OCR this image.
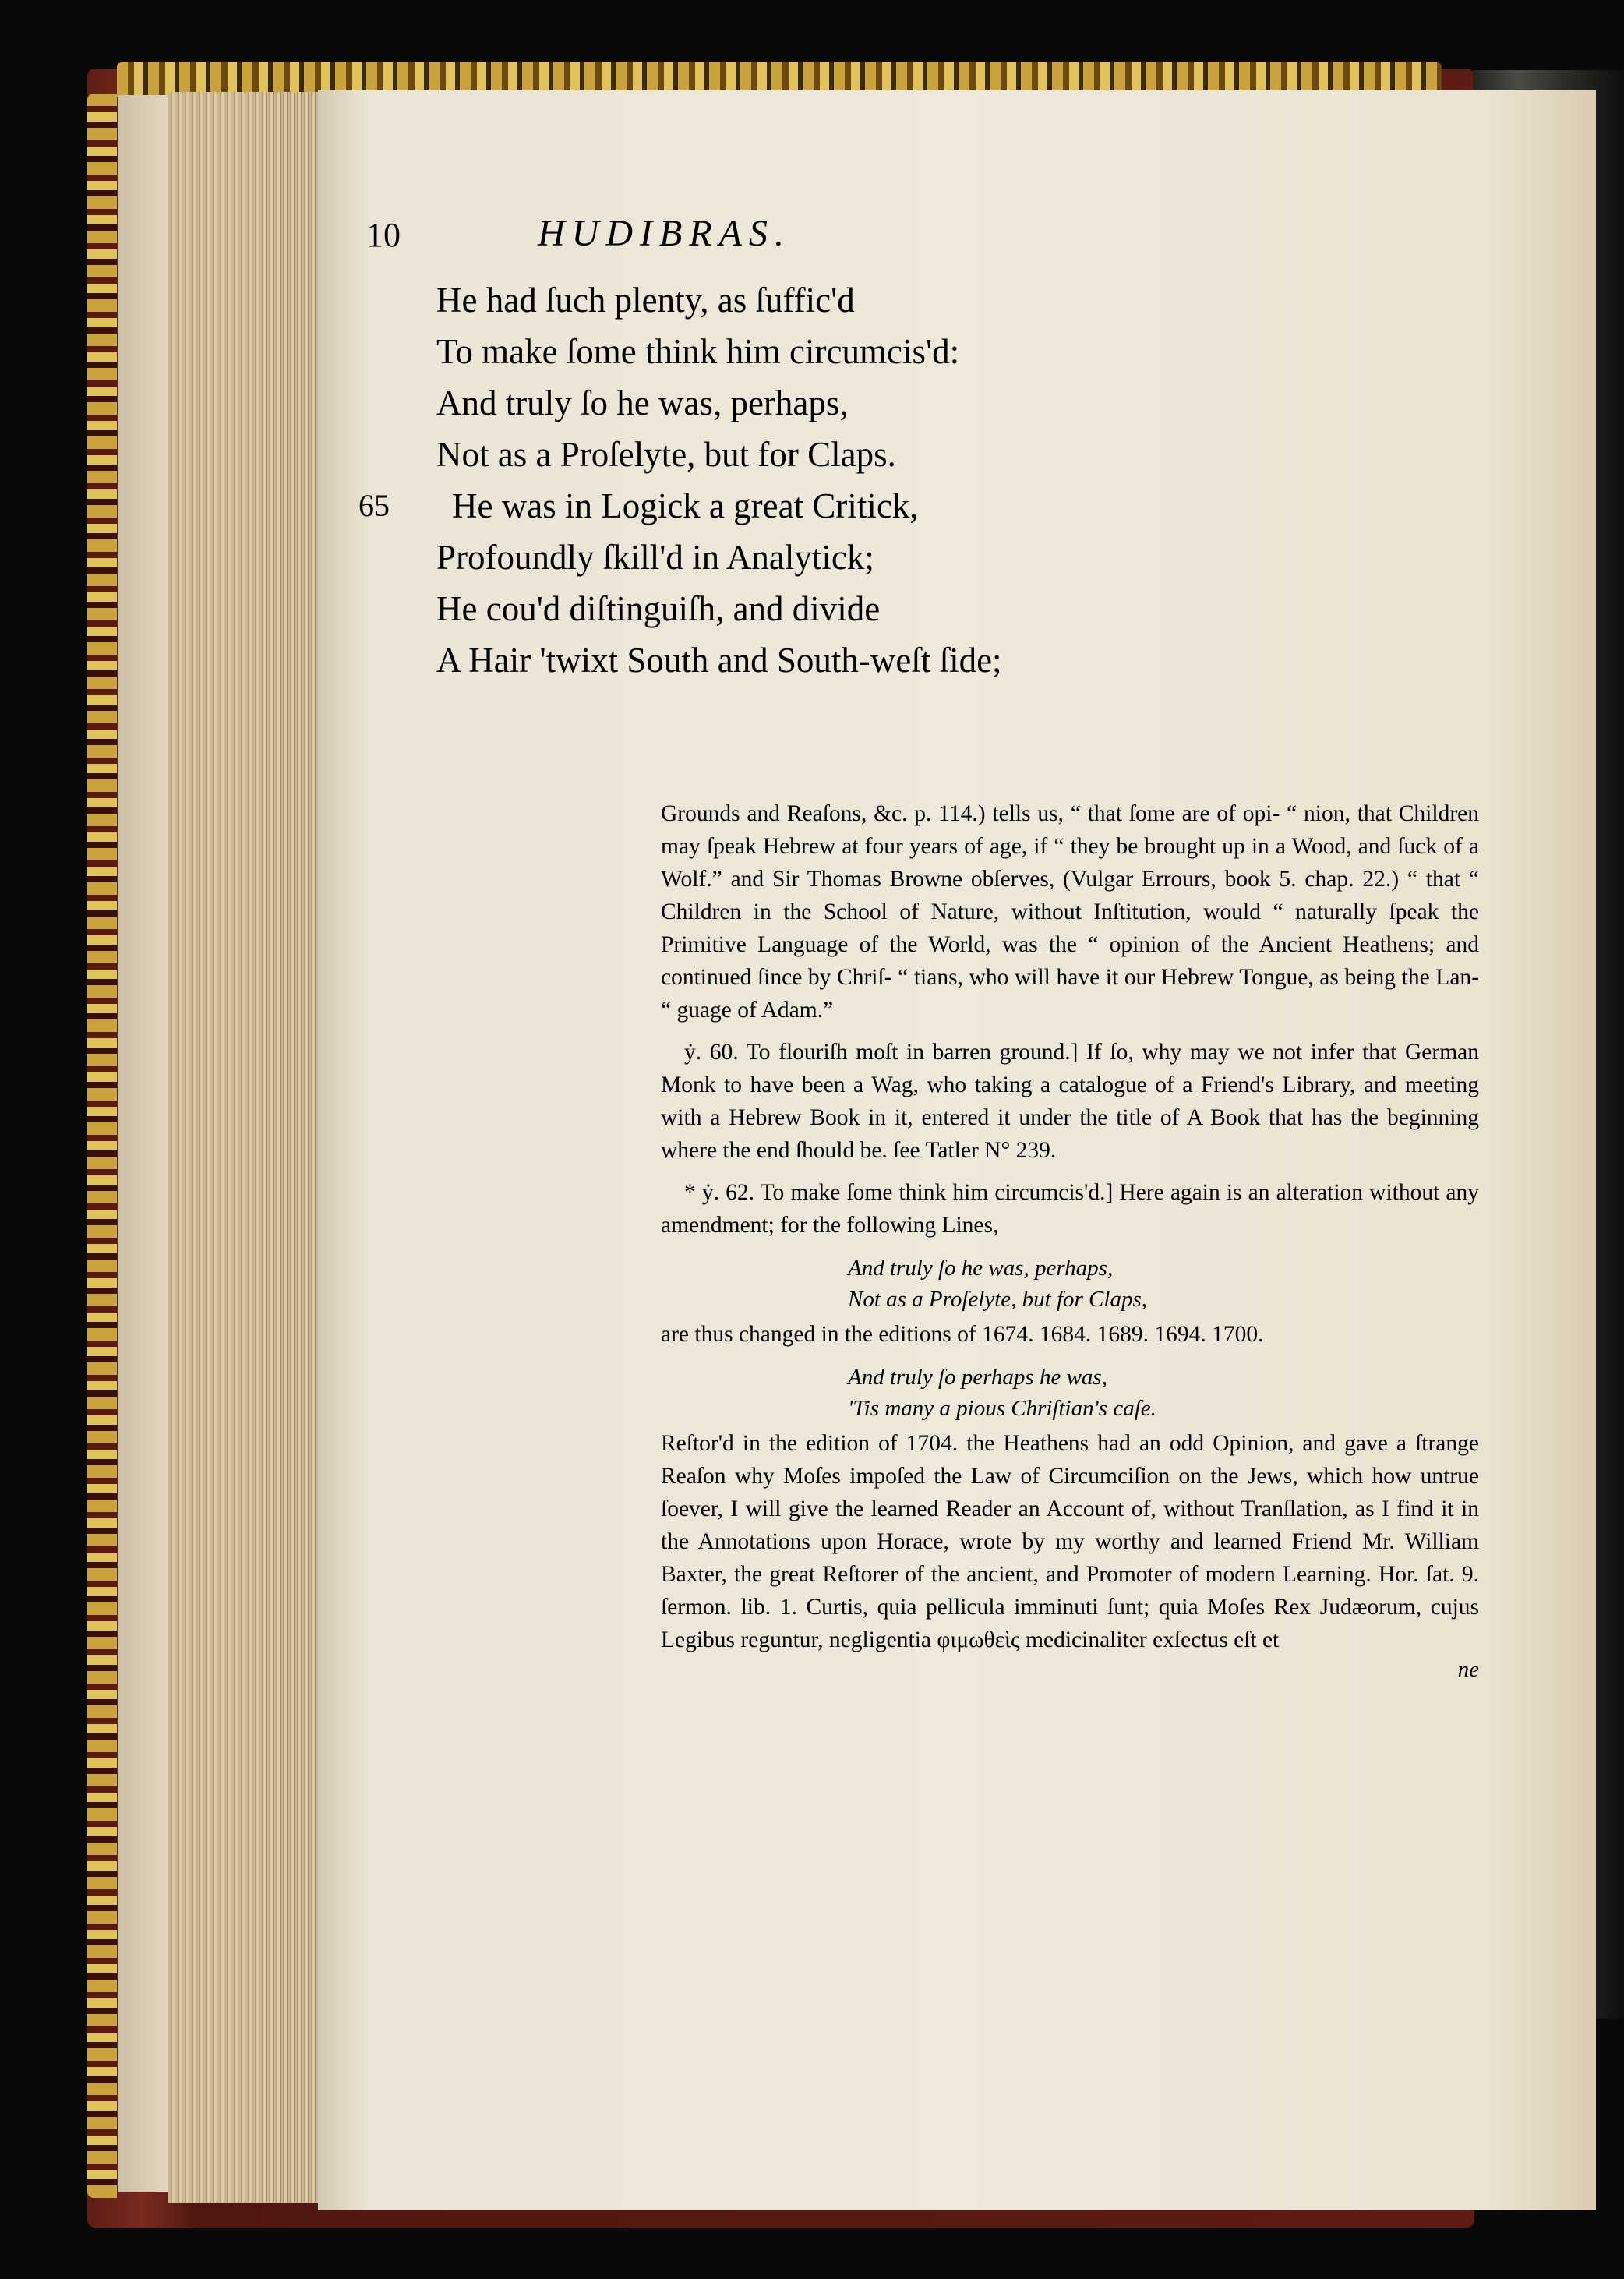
10	HUDIBRAS.
He had ſuch plenty, as ſuffic'd
To make ſome think him circumcis'd:
And truly ſo he was, perhaps,
Not as a Proſelyte, but for Claps.
65 He was in Logick a great Critick,
Profoundly ſkill'd in Analytick;
He cou'd diſtinguiſh, and divide
A Hair 'twixt South and South-weſt ſide;

Grounds and Reaſons, &c. p. 114.) tells us, “ that ſome are of opi- “ nion, that Children may ſpeak Hebrew at four years of age, if “ they be brought up in a Wood, and ſuck of a Wolf.” and Sir Thomas Browne obſerves, (Vulgar Errours, book 5. chap. 22.) “ that “ Children in the School of Nature, without Inſtitution, would “ naturally ſpeak the Primitive Language of the World, was the “ opinion of the Ancient Heathens; and continued ſince by Chriſ- “ tians, who will have it our Hebrew Tongue, as being the Lan- “ guage of Adam.”

ẏ. 60. To flouriſh moſt in barren ground.] If ſo, why may we not infer that German Monk to have been a Wag, who taking a catalogue of a Friend's Library, and meeting with a Hebrew Book in it, entered it under the title of A Book that has the beginning where the end ſhould be. ſee Tatler N° 239.

* ẏ. 62. To make ſome think him circumcis'd.] Here again is an alteration without any amendment; for the following Lines,

And truly ſo he was, perhaps,
Not as a Proſelyte, but for Claps,

are thus changed in the editions of 1674. 1684. 1689. 1694. 1700.

And truly ſo perhaps he was,
'Tis many a pious Chriſtian's caſe.

Reſtor'd in the edition of 1704. the Heathens had an odd Opinion, and gave a ſtrange Reaſon why Moſes impoſed the Law of Circumciſion on the Jews, which how untrue ſoever, I will give the learned Reader an Account of, without Tranſlation, as I find it in the Annotations upon Horace, wrote by my worthy and learned Friend Mr. William Baxter, the great Reſtorer of the ancient, and Promoter of modern Learning. Hor. ſat. 9. ſermon. lib. 1. Curtis, quia pellicula imminuti ſunt; quia Moſes Rex Judæorum, cujus Legibus reguntur, negligentia φιμωθεὶς medicinaliter exſectus eſt et

ne
